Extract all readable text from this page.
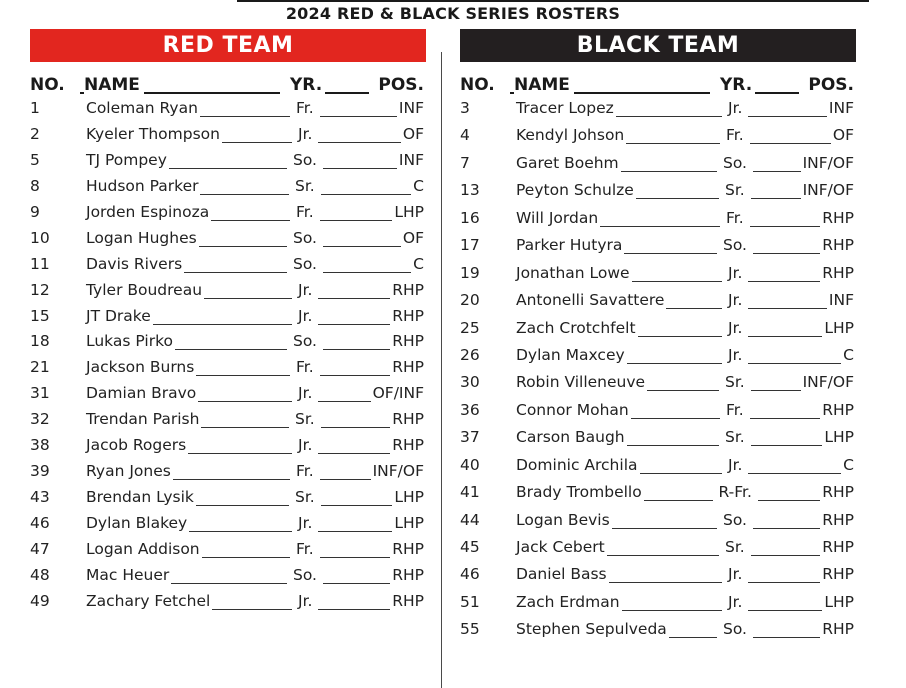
2024 RED & BLACK SERIES ROSTERS
RED TEAM
NO. NAME	YR.	POS.
1	Coleman Ryan	Fr.	INF
2	Kyeler Thompson	Jr.	OF
5	TJ Pompey	So.	INF
8	Hudson Parker	Sr.	C
9	Jorden Espinoza	Fr.	LHP
10 Logan Hughes	So.	OF
11 Davis Rivers	So.	C
12 Tyler Boudreau	Jr.	RHP
15 JT Drake	Jr.	RHP
18 Lukas Pirko	So.	RHP
21 Jackson Burns	Fr.	RHP
31 Damian Bravo	Jr.	OF/INF
32 Trendan Parish	Sr.	RHP
38 Jacob Rogers	Jr.	RHP
39 Ryan Jones	Fr.	INF/OF
43 Brendan Lysik	Sr.	LHP
46 Dylan Blakey	Jr.	LHP
47 Logan Addison	Fr.	RHP
48 Mac Heuer	So.	RHP
49 Zachary Fetchel	Jr.	RHP
BLACK TEAM
NO. NAME	YR.	POS.
3	Tracer Lopez	Jr.	INF
4	Kendyl Johson	Fr.	OF
7	Garet Boehm	So.	INF/OF
13 Peyton Schulze	Sr.	INF/OF
16 Will Jordan	Fr.	RHP
17 Parker Hutyra	So.	RHP
19 Jonathan Lowe	Jr.	RHP
20 Antonelli Savattere	Jr.	INF
25 Zach Crotchfelt	Jr.	LHP
26 Dylan Maxcey	Jr.	C
30 Robin Villeneuve	Sr.	INF/OF
36 Connor Mohan	Fr.	RHP
37 Carson Baugh	Sr.	LHP
40 Dominic Archila	Jr.	C
41 Brady Trombello	R-Fr.	RHP
44 Logan Bevis	So.	RHP
45 Jack Cebert	Sr.	RHP
46 Daniel Bass	Jr.	RHP
51 Zach Erdman	Jr.	LHP
55 Stephen Sepulveda	So.	RHP
